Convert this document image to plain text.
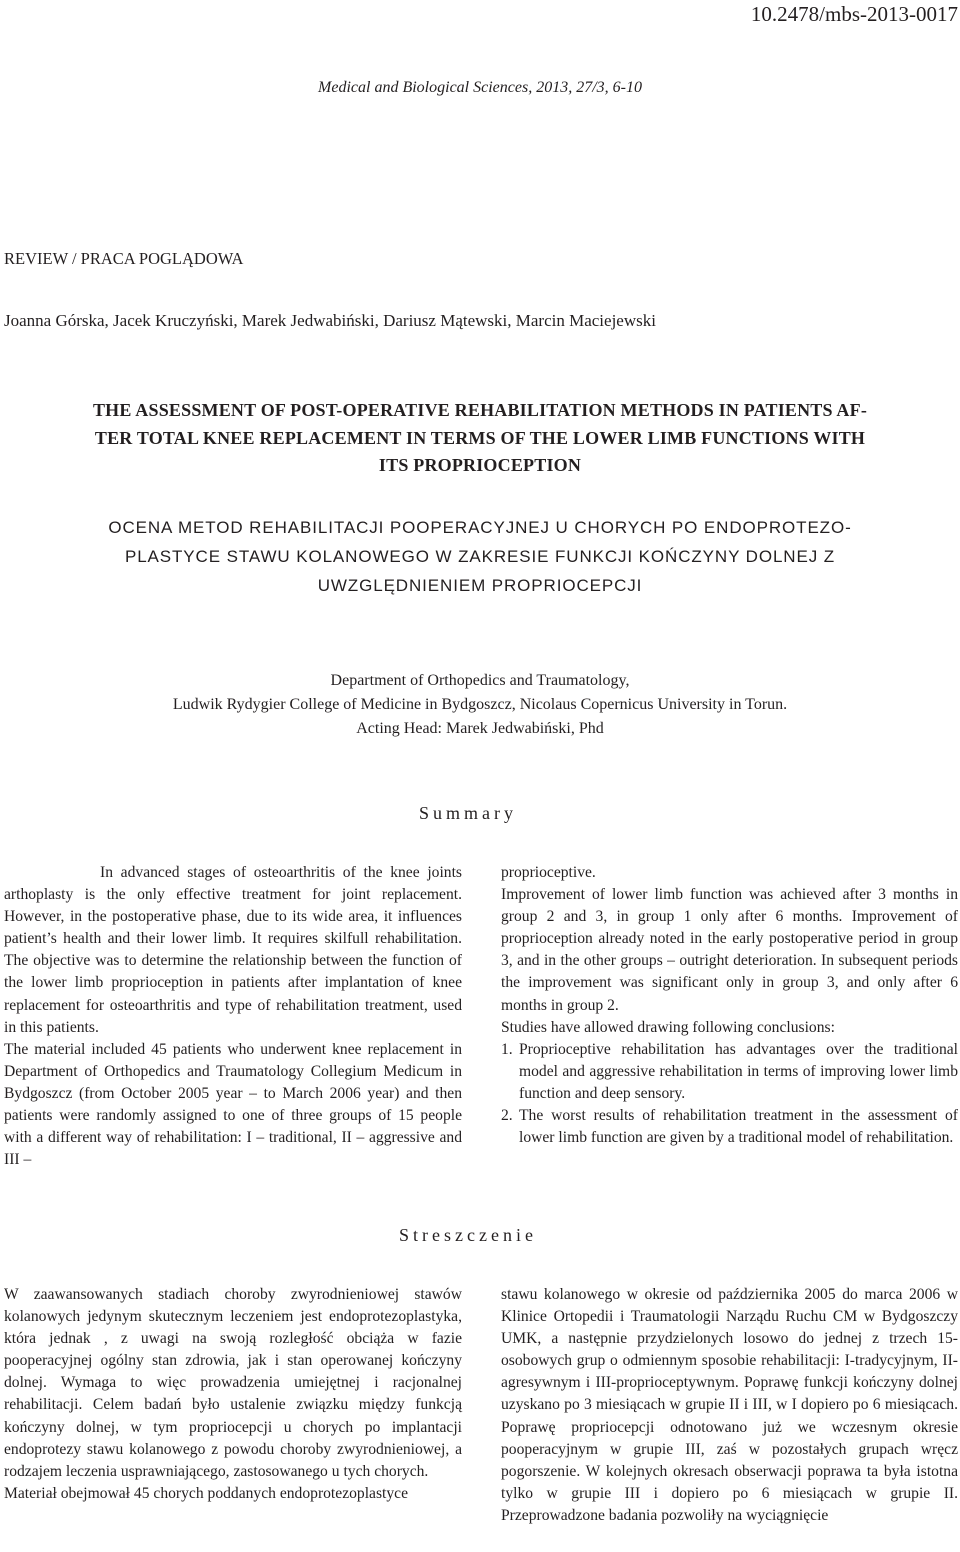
10.2478/mbs-2013-0017
Medical and Biological Sciences, 2013, 27/3, 6-10
REVIEW / PRACA POGLĄDOWA
Joanna Górska, Jacek Kruczyński, Marek Jedwabiński, Dariusz Mątewski, Marcin Maciejewski
THE ASSESSMENT OF POST-OPERATIVE REHABILITATION METHODS IN PATIENTS AF-
TER TOTAL KNEE REPLACEMENT IN TERMS OF THE LOWER LIMB FUNCTIONS WITH
ITS PROPRIOCEPTION
OCENA METOD REHABILITACJI POOPERACYJNEJ U CHORYCH PO ENDOPROTEZO-
PLASTYCE STAWU KOLANOWEGO W ZAKRESIE FUNKCJI KOŃCZYNY DOLNEJ Z
UWZGLĘDNIENIEM PROPRIOCEPCJI
Department of Orthopedics and Traumatology,
Ludwik Rydygier College of Medicine in Bydgoszcz, Nicolaus Copernicus University in Torun.
Acting Head: Marek Jedwabiński, Phd
Summary

In advanced stages of osteoarthritis of the knee joints arthoplasty is the only effective treatment for joint replacement. However, in the postoperative phase, due to its wide area, it influences patient’s health and their lower limb. It requires skilfull rehabilitation. The objective was to determine the relationship between the function of the lower limb proprioception in patients after implantation of knee replacement for osteoarthritis and type of rehabilitation treatment, used in this patients.

The material included 45 patients who underwent knee replacement in Department of Orthopedics and Traumatology Collegium Medicum in Bydgoszcz (from October 2005 year – to March 2006 year) and then patients were randomly assigned to one of three groups of 15 people with a different way of rehabilitation: I – traditional, II – aggressive and III –

proprioceptive.

Improvement of lower limb function was achieved after 3 months in group 2 and 3, in group 1 only after 6 months. Improvement of proprioception already noted in the early postoperative period in group 3, and in the other groups – outright deterioration. In subsequent periods the improvement was significant only in group 3, and only after 6 months in group 2.

Studies have allowed drawing following conclusions:

1. Proprioceptive rehabilitation has advantages over the traditional model and aggressive rehabilitation in terms of improving lower limb function and deep sensory.
2. The worst results of rehabilitation treatment in the assessment of lower limb function are given by a traditional model of rehabilitation.
Streszczenie

W zaawansowanych stadiach choroby zwyrodnieniowej stawów kolanowych jedynym skutecznym leczeniem jest endoprotezoplastyka, która jednak , z uwagi na swoją rozległość obciąża w fazie pooperacyjnej ogólny stan zdrowia, jak i stan operowanej kończyny dolnej. Wymaga to więc prowadzenia umiejętnej i racjonalnej rehabilitacji. Celem badań było ustalenie związku między funkcją kończyny dolnej, w tym propriocepcji u chorych po implantacji endoprotezy stawu kolanowego z powodu choroby zwyrodnieniowej, a rodzajem leczenia usprawniającego, zastosowanego u tych chorych.

Materiał obejmował 45 chorych poddanych endoprotezoplastyce

stawu kolanowego w okresie od października 2005 do marca 2006 w Klinice Ortopedii i Traumatologii Narządu Ruchu CM w Bydgoszczy UMK, a następnie przydzielonych losowo do jednej z trzech 15-osobowych grup o odmiennym sposobie rehabilitacji: I-tradycyjnym, II-agresywnym i III-proprioceptywnym. Poprawę funkcji kończyny dolnej uzyskano po 3 miesiącach w grupie II i III, w I dopiero po 6 miesiącach. Poprawę propriocepcji odnotowano już we wczesnym okresie pooperacyjnym w grupie III, zaś w pozostałych grupach wręcz pogorszenie. W kolejnych okresach obserwacji poprawa ta była istotna tylko w grupie III i dopiero po 6 miesiącach w grupie II. Przeprowadzone badania pozwoliły na wyciągnięcie
